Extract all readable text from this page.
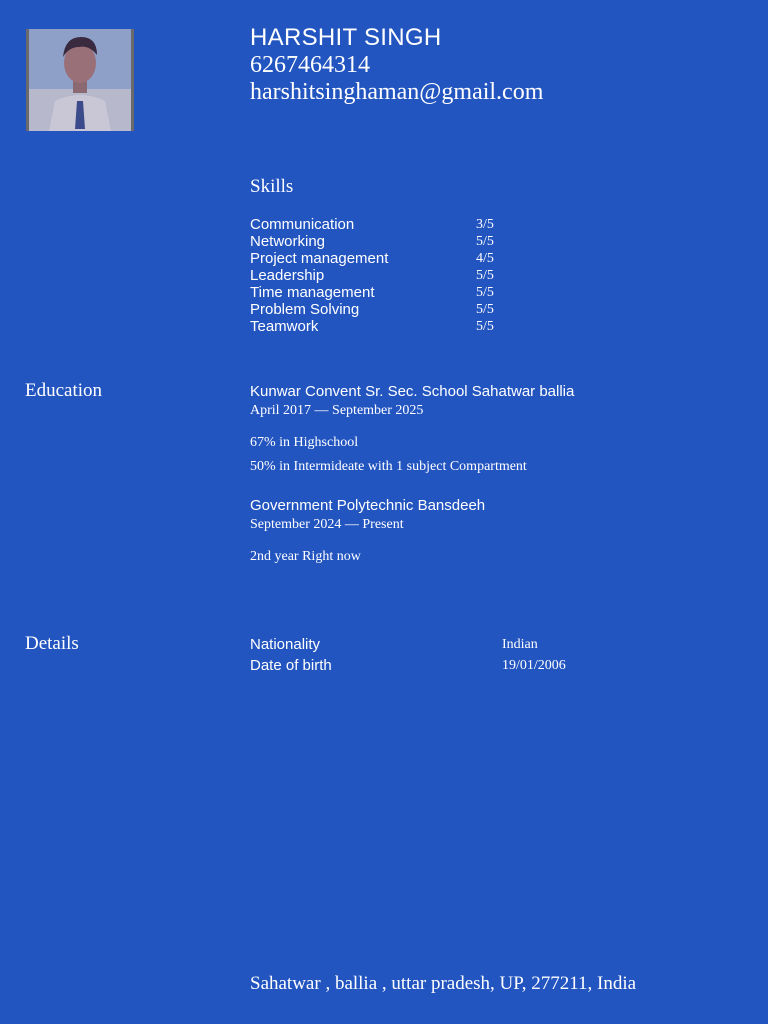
HARSHIT SINGH
6267464314
harshitsinghaman@gmail.com
Skills
Communication	3/5
Networking	5/5
Project management	4/5
Leadership	5/5
Time management	5/5
Problem Solving	5/5
Teamwork	5/5
Education	Kunwar Convent Sr. Sec. School Sahatwar ballia
April 2017 — September 2025
67% in Highschool
50% in Intermideate with 1 subject Compartment
Government Polytechnic Bansdeeh
September 2024 — Present
2nd year Right now
Details	Nationality	Indian
Date of birth	19/01/2006
Sahatwar , ballia , uttar pradesh, UP, 277211, India
